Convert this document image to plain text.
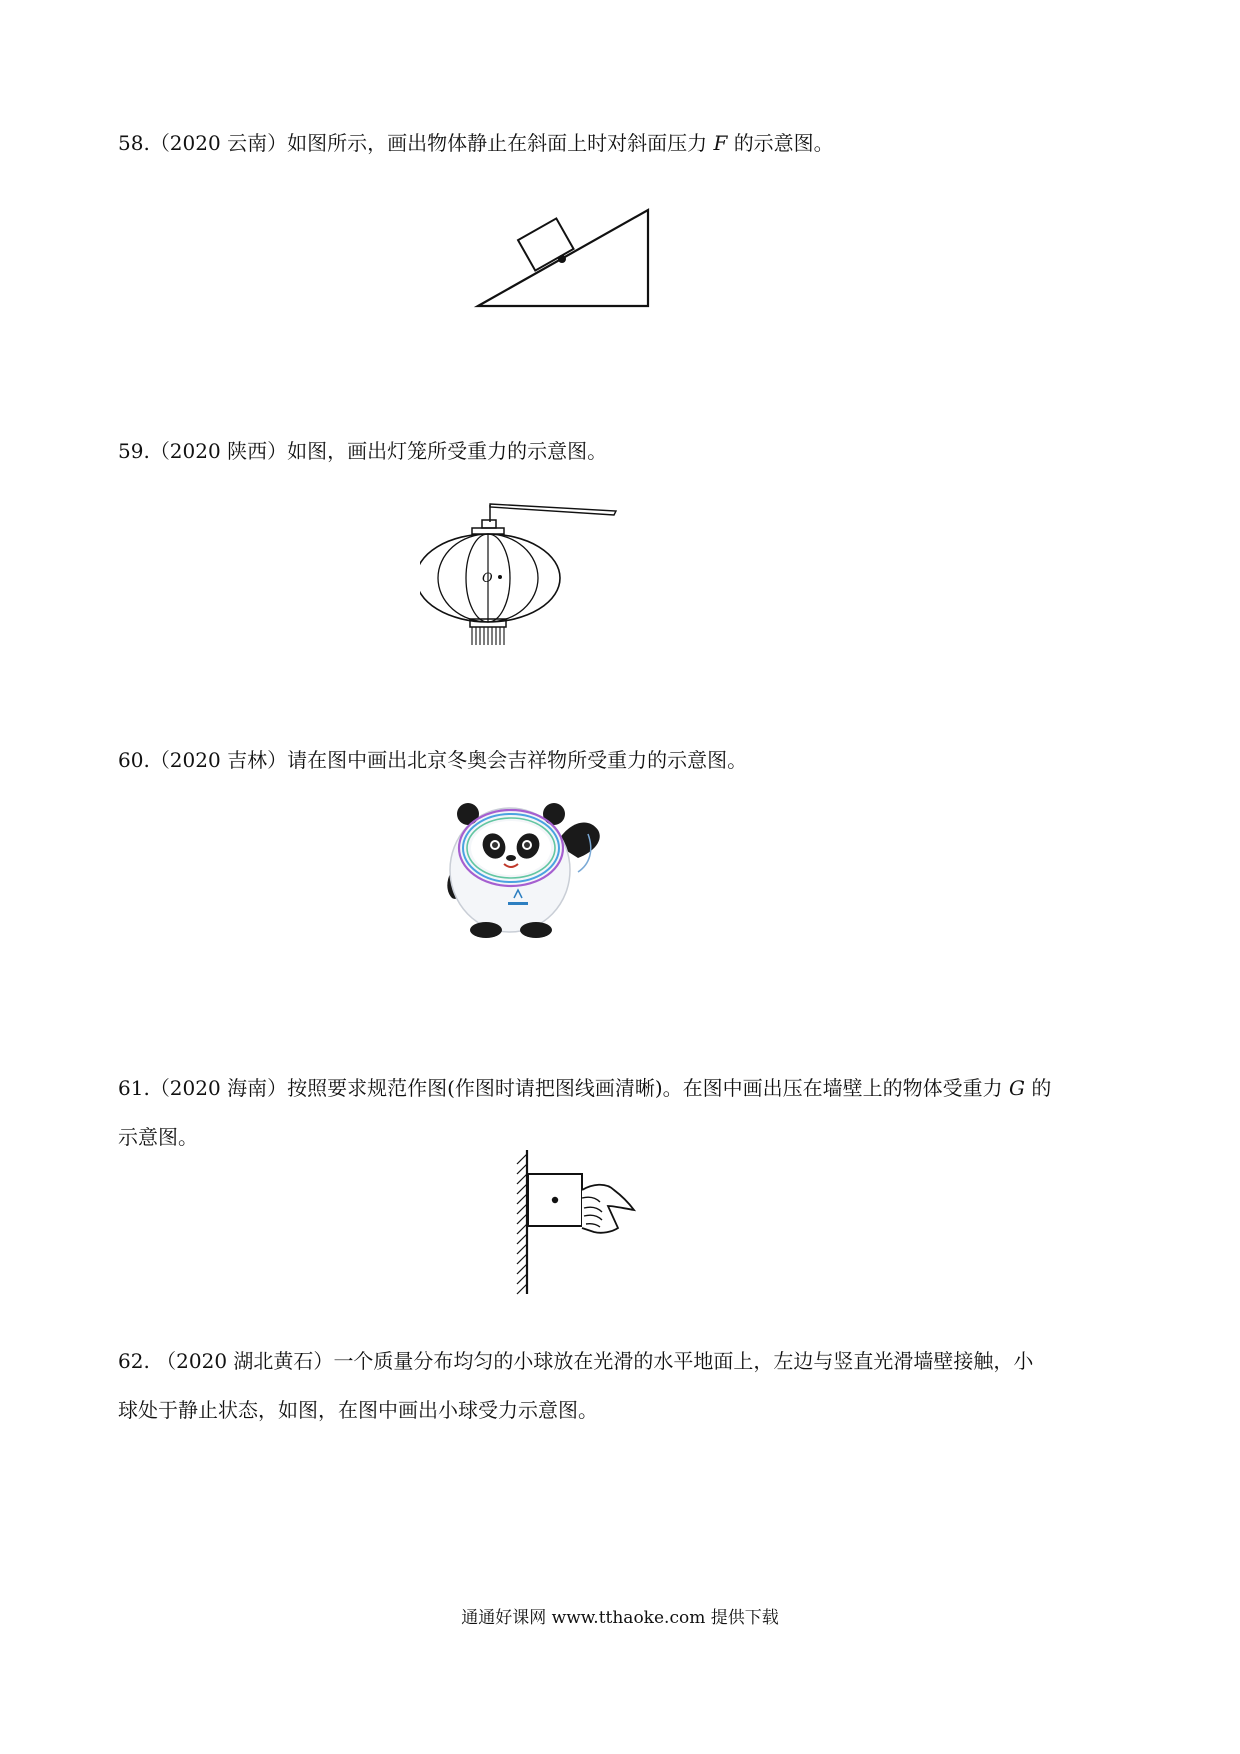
58.（2020 云南）如图所示，画出物体静止在斜面上时对斜面压力 F 的示意图。
59.（2020 陕西）如图，画出灯笼所受重力的示意图。
O
60.（2020 吉林）请在图中画出北京冬奥会吉祥物所受重力的示意图。
61.（2020 海南）按照要求规范作图(作图时请把图线画清晰)。在图中画出压在墙壁上的物体受重力 G 的
示意图。
62. （2020 湖北黄石）一个质量分布均匀的小球放在光滑的水平地面上，左边与竖直光滑墙壁接触，小
球处于静止状态，如图，在图中画出小球受力示意图。
通通好课网 www.tthaoke.com 提供下载
